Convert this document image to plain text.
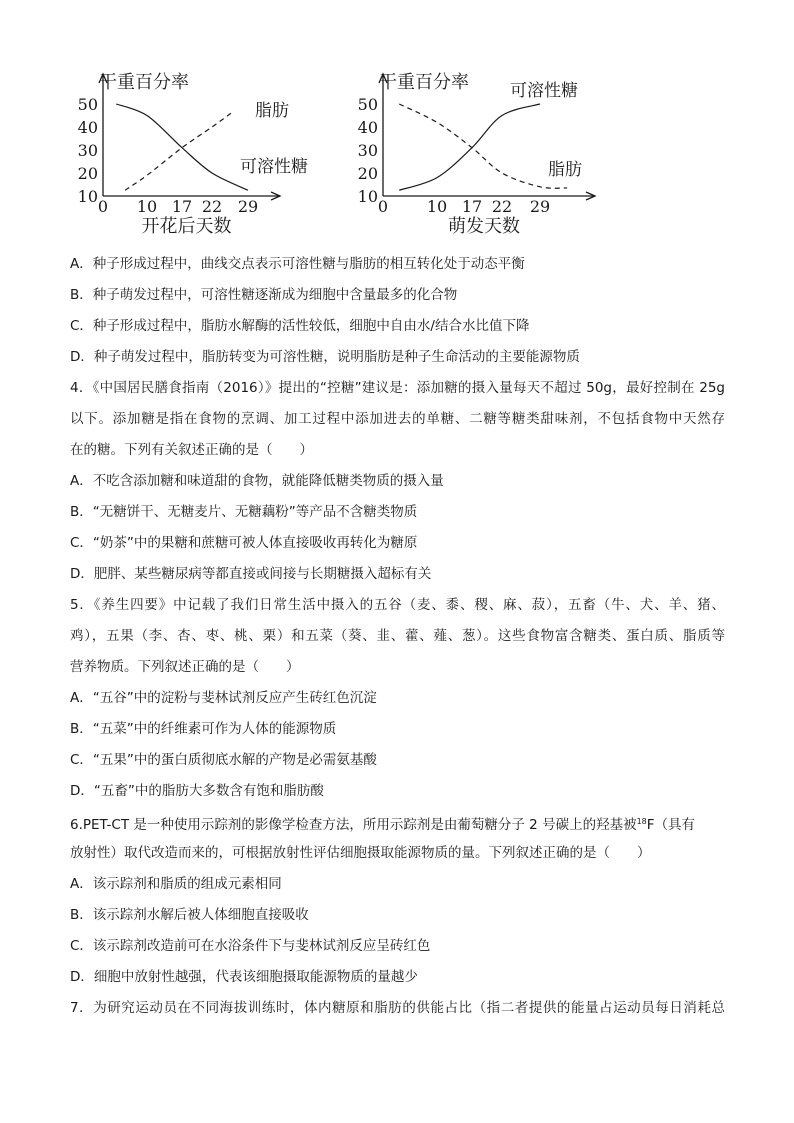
干重百分率
50
40
30
20
10
0 10 17 22 29
开花后天数
脂肪
可溶性糖
干重百分率
50
40
30
20
10
0 10 17 22 29
萌发天数
可溶性糖
脂肪
A．种子形成过程中，曲线交点表示可溶性糖与脂肪的相互转化处于动态平衡
B．种子萌发过程中，可溶性糖逐渐成为细胞中含量最多的化合物
C．种子形成过程中，脂肪水解酶的活性较低，细胞中自由水/结合水比值下降
D．种子萌发过程中，脂肪转变为可溶性糖，说明脂肪是种子生命活动的主要能源物质
4．《中国居民膳食指南（2016）》提出的“控糖”建议是：添加糖的摄入量每天不超过 50g，最好控制在 25g
以下。添加糖是指在食物的烹调、加工过程中添加进去的单糖、二糖等糖类甜味剂，不包括食物中天然存
在的糖。下列有关叙述正确的是（　　）
A．不吃含添加糖和味道甜的食物，就能降低糖类物质的摄入量
B．“无糖饼干、无糖麦片、无糖藕粉”等产品不含糖类物质
C．“奶茶”中的果糖和蔗糖可被人体直接吸收再转化为糖原
D．肥胖、某些糖尿病等都直接或间接与长期糖摄入超标有关
5．《养生四要》中记载了我们日常生活中摄入的五谷（麦、黍、稷、麻、菽），五畜（牛、犬、羊、猪、
鸡），五果（李、杏、枣、桃、栗）和五菜（葵、韭、藿、薤、葱）。这些食物富含糖类、蛋白质、脂质等
营养物质。下列叙述正确的是（　　）
A．“五谷”中的淀粉与斐林试剂反应产生砖红色沉淀
B．“五菜”中的纤维素可作为人体的能源物质
C．“五果”中的蛋白质彻底水解的产物是必需氨基酸
D．“五畜”中的脂肪大多数含有饱和脂肪酸
6.PET-CT 是一种使用示踪剂的影像学检查方法，所用示踪剂是由葡萄糖分子 2 号碳上的羟基被$^{18}$F（具有
放射性）取代改造而来的，可根据放射性评估细胞摄取能源物质的量。下列叙述正确的是（　　）
A．该示踪剂和脂质的组成元素相同
B．该示踪剂水解后被人体细胞直接吸收
C．该示踪剂改造前可在水浴条件下与斐林试剂反应呈砖红色
D．细胞中放射性越强，代表该细胞摄取能源物质的量越少
7．为研究运动员在不同海拔训练时，体内糖原和脂肪的供能占比（指二者提供的能量占运动员每日消耗总
